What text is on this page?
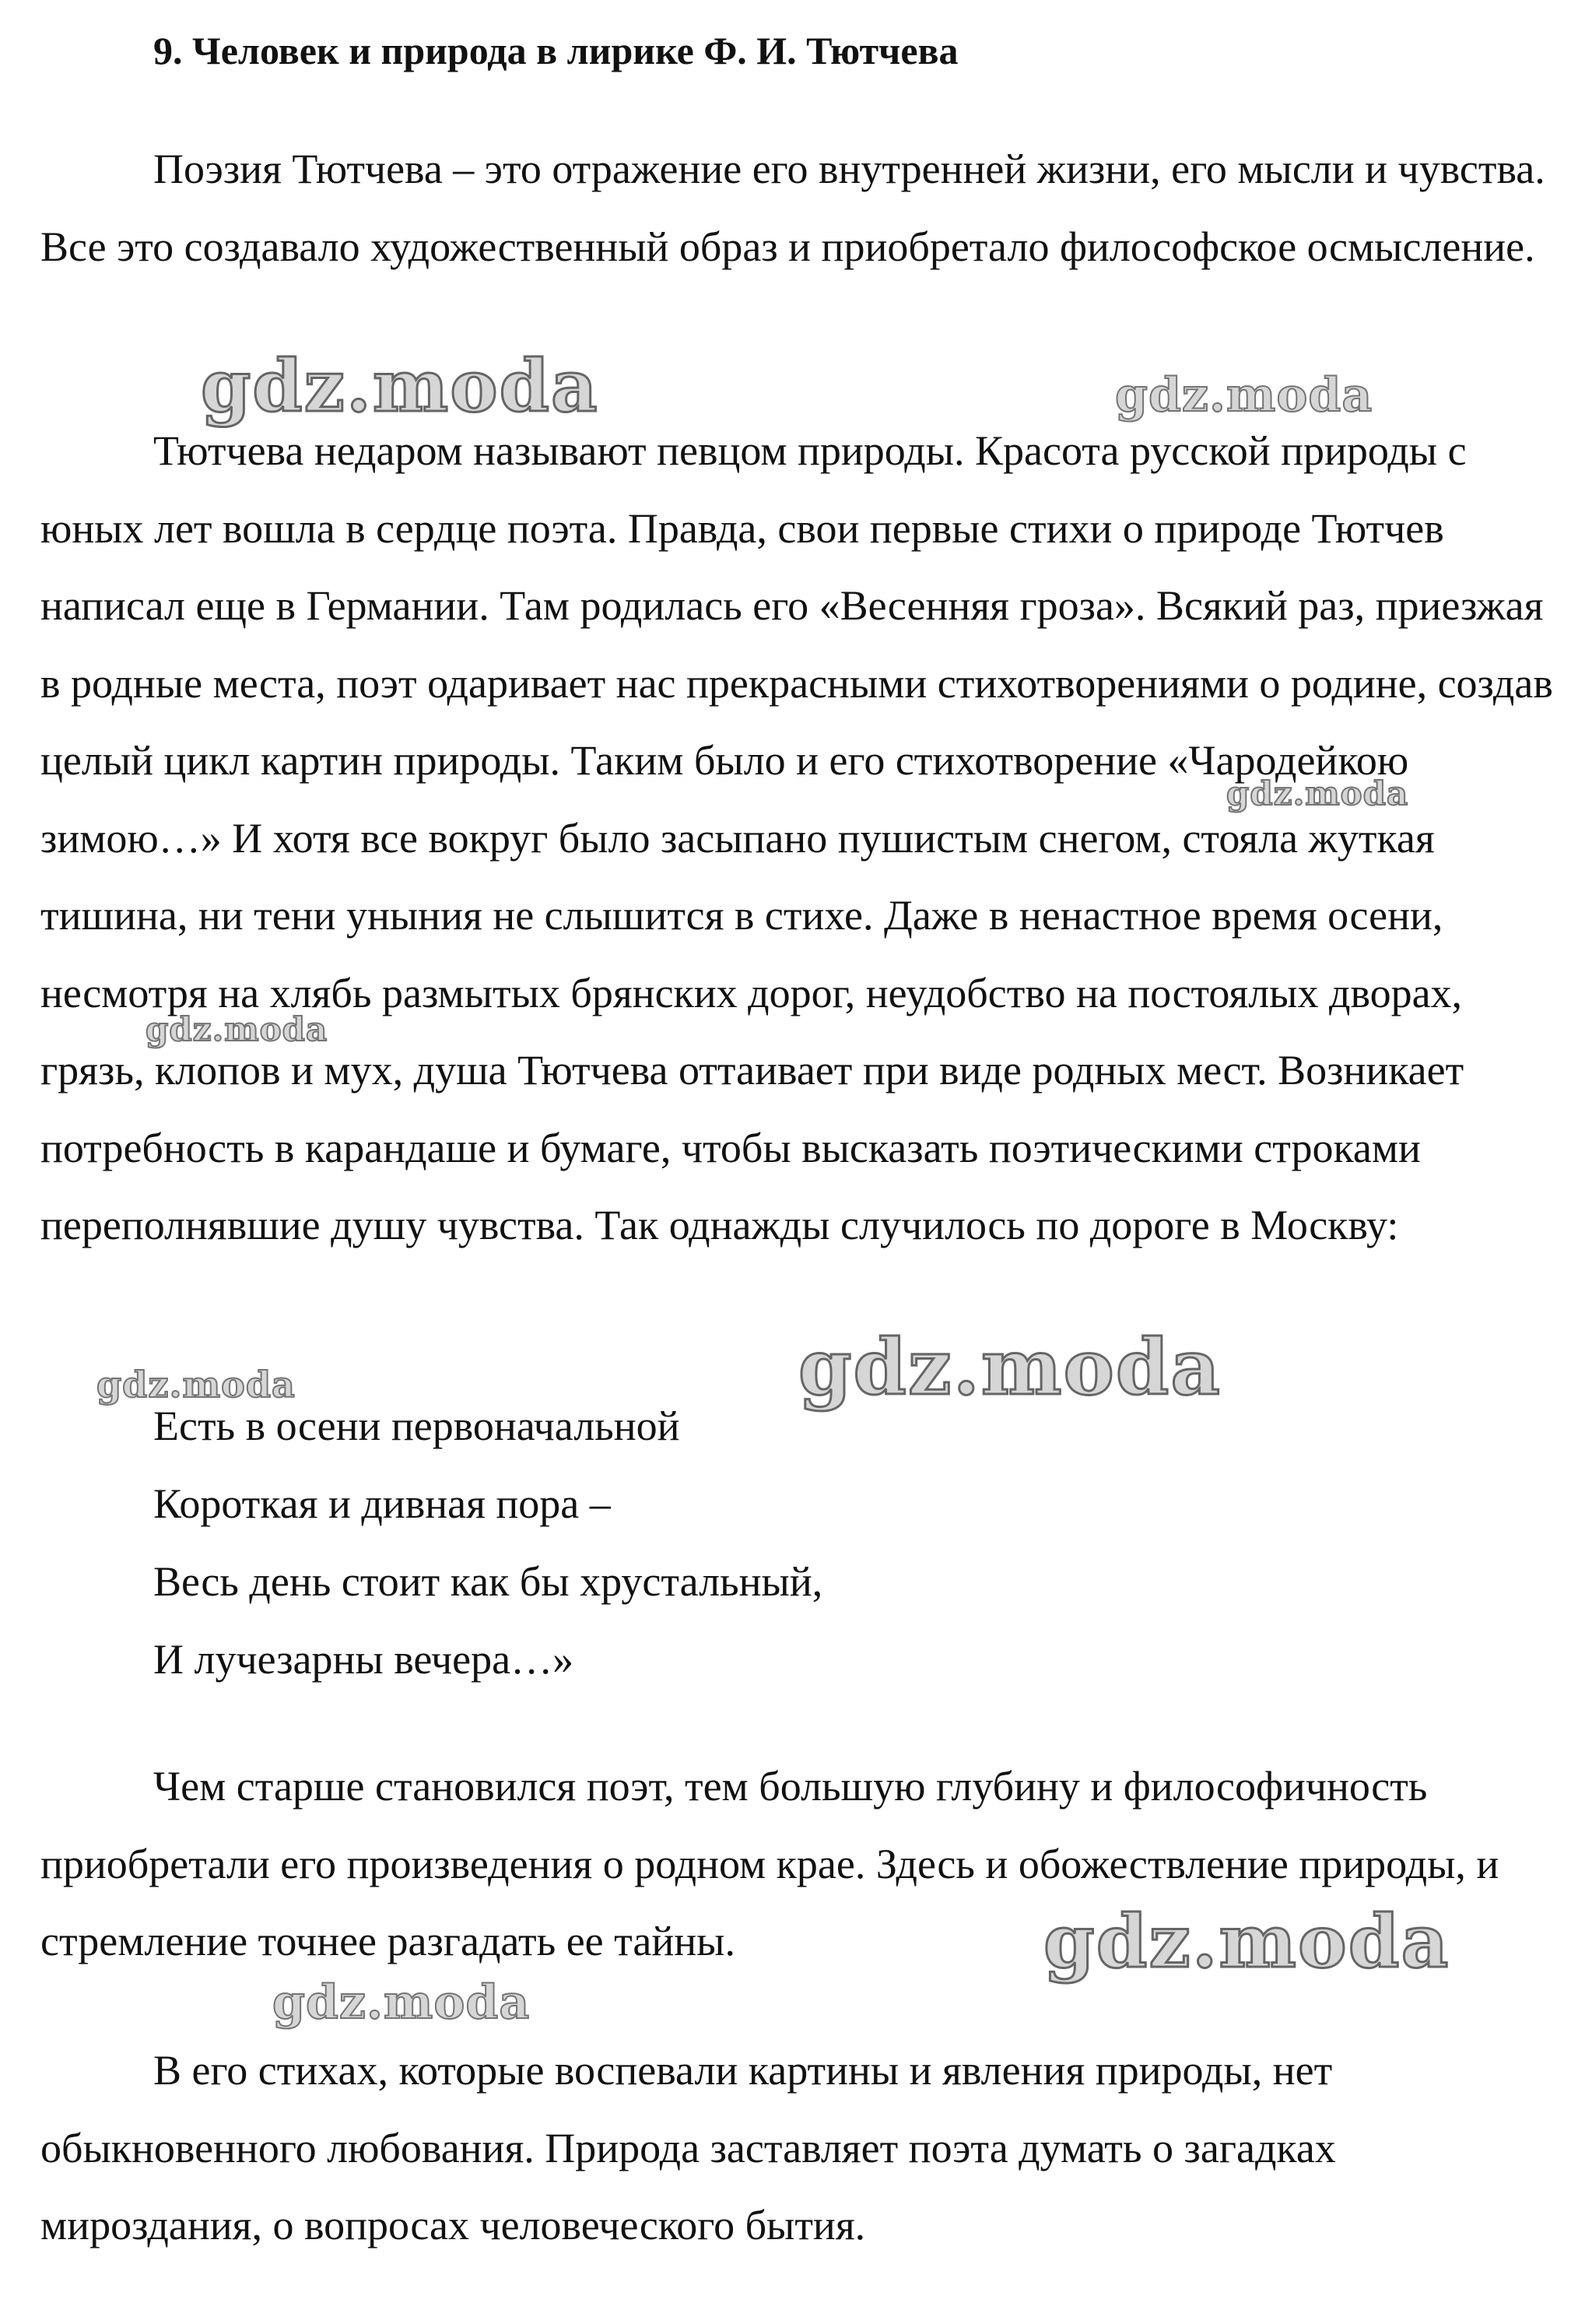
9. Человек и природа в лирике Ф. И. Тютчева

Поэзия Тютчева – это отражение его внутренней жизни, его мысли и чувства. Все это создавало художественный образ и приобретало философское осмысление.

Тютчева недаром называют певцом природы. Красота русской природы с юных лет вошла в сердце поэта. Правда, свои первые стихи о природе Тютчев написал еще в Германии. Там родилась его «Весенняя гроза». Всякий раз, приезжая в родные места, поэт одаривает нас прекрасными стихотворениями о родине, создав целый цикл картин природы. Таким было и его стихотворение «Чародейкою зимою…» И хотя все вокруг было засыпано пушистым снегом, стояла жуткая тишина, ни тени уныния не слышится в стихе. Даже в ненастное время осени, несмотря на хлябь размытых брянских дорог, неудобство на постоялых дворах, грязь, клопов и мух, душа Тютчева оттаивает при виде родных мест. Возникает потребность в карандаше и бумаге, чтобы высказать поэтическими строками переполнявшие душу чувства. Так однажды случилось по дороге в Москву:

Есть в осени первоначальной
Короткая и дивная пора –
Весь день стоит как бы хрустальный,
И лучезарны вечера…»

Чем старше становился поэт, тем большую глубину и философичность приобретали его произведения о родном крае. Здесь и обожествление природы, и стремление точнее разгадать ее тайны.

В его стихах, которые воспевали картины и явления природы, нет обыкновенного любования. Природа заставляет поэта думать о загадках мироздания, о вопросах человеческого бытия.

gdz.moda	gdz.moda
gdz.moda
gdz.moda
gdz.moda	gdz.moda
gdz.moda
gdz.moda
